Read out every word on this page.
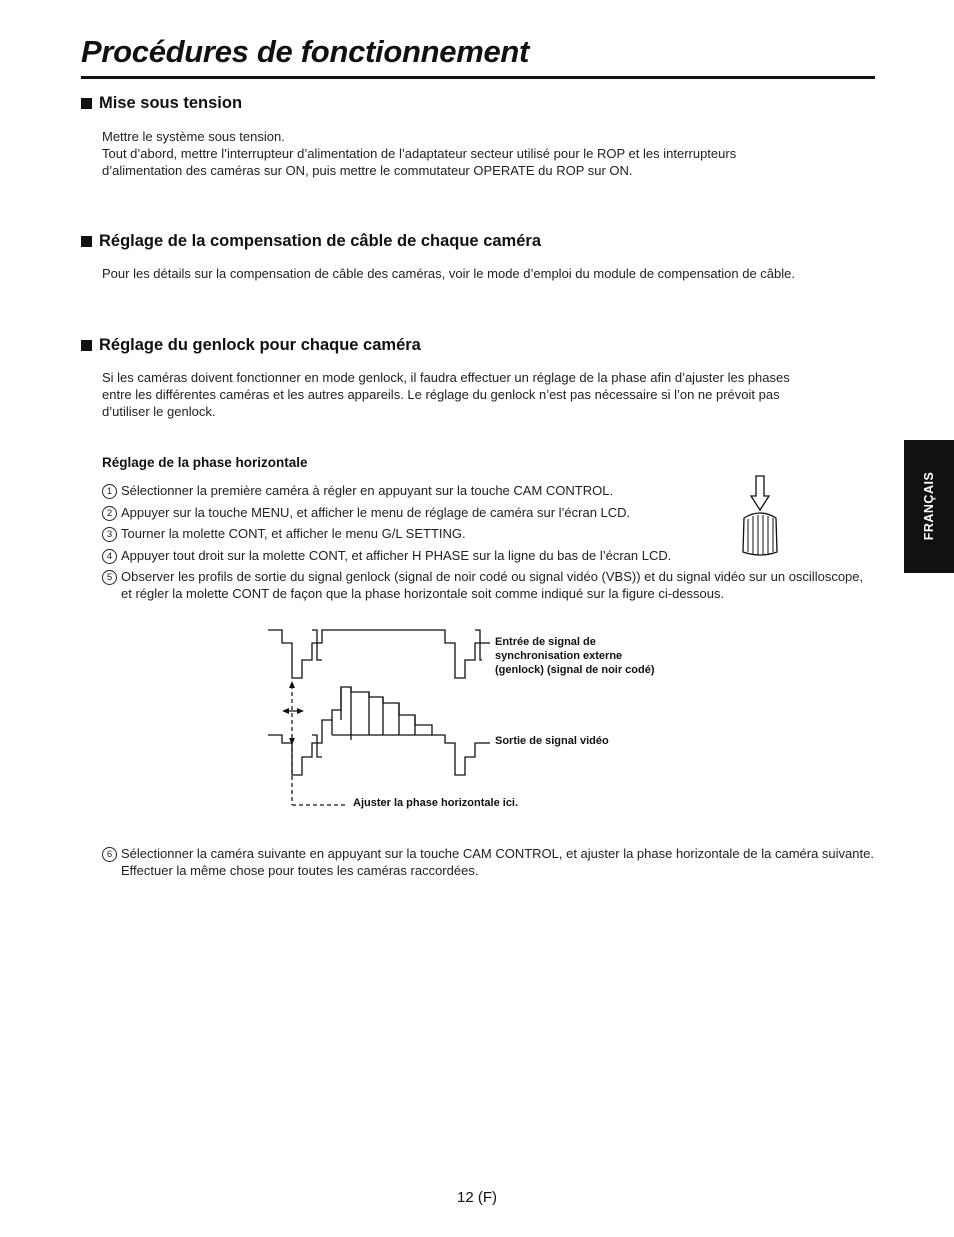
Procédures de fonctionnement
Mise sous tension

Mettre le système sous tension.

Tout d’abord, mettre l’interrupteur d’alimentation de l’adaptateur secteur utilisé pour le ROP et les interrupteurs

d’alimentation des caméras sur ON, puis mettre le commutateur OPERATE du ROP sur ON.

Réglage de la compensation de câble de chaque caméra

Pour les détails sur la compensation de câble des caméras, voir le mode d’emploi du module de compensation de câble.

Réglage du genlock pour chaque caméra

Si les caméras doivent fonctionner en mode genlock, il faudra effectuer un réglage de la phase afin d’ajuster les phases

entre les différentes caméras et les autres appareils. Le réglage du genlock n’est pas nécessaire si l’on ne prévoit pas

d’utiliser le genlock.

Réglage de la phase horizontale
1 Sélectionner la première caméra à régler en appuyant sur la touche CAM CONTROL.
2 Appuyer sur la touche MENU, et afficher le menu de réglage de caméra sur l’écran LCD.
3 Tourner la molette CONT, et afficher le menu G/L SETTING.
4 Appuyer tout droit sur la molette CONT, et afficher H PHASE sur la ligne du bas de l’écran LCD.
5 Observer les profils de sortie du signal genlock (signal de noir codé ou signal vidéo (VBS)) et du signal vidéo sur un oscilloscope, et régler la molette CONT de façon que la phase horizontale soit comme indiqué sur la figure ci-dessous.
Entrée de signal de
synchronisation externe
(genlock) (signal de noir codé)
Sortie de signal vidéo
Ajuster la phase horizontale ici.
6 Sélectionner la caméra suivante en appuyant sur la touche CAM CONTROL, et ajuster la phase horizontale de la caméra suivante. Effectuer la même chose pour toutes les caméras raccordées.
FRANÇAIS
12 (F)
